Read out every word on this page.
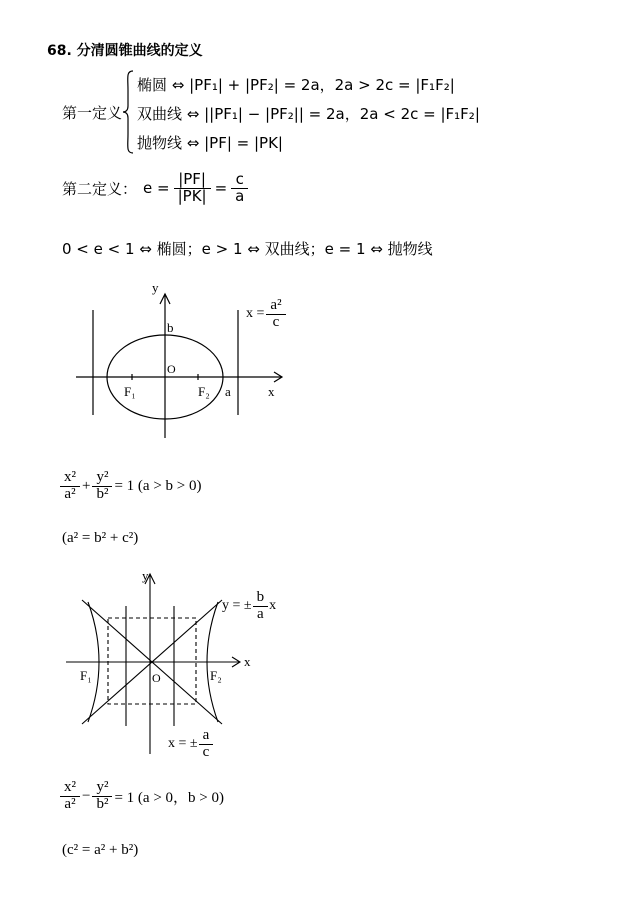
68. 分清圆锥曲线的定义
第一定义
椭圆 ⇔ |PF₁| + |PF₂| = 2a，2a > 2c = |F₁F₂|
双曲线 ⇔ ||PF₁| − |PF₂|| = 2a，2a < 2c = |F₁F₂|
抛物线 ⇔ |PF| = |PK|
第二定义： $e = \frac{|PF|}{|PK|} = \frac{c}{a}$
0 < e < 1 ⇔ 椭圆；e > 1 ⇔ 双曲线；e = 1 ⇔ 抛物线
y
x
b
O
F₁	F₂ a
$x = \frac{\text{a²}}{c}$
$\frac{\text{x²}}{\text{a²}} + \frac{\text{y²}}{\text{b²}} = 1$ (a > b > 0)
(a² = b² + c²)
y
x
O
F₁	F₂
y = ± $\frac{b}{a}$ x
x = ± $\frac{a}{c}$
$\frac{\text{x²}}{\text{a²}} - \frac{\text{y²}}{\text{b²}} = 1$ (a > 0，b > 0)
(c² = a² + b²)
